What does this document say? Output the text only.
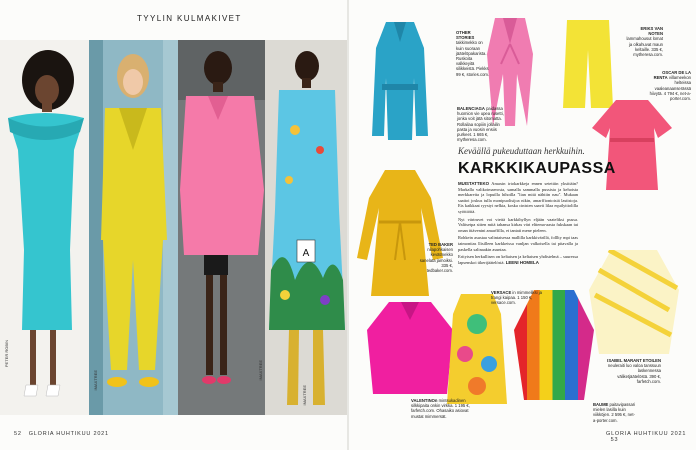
TYYLIN KULMAKIVET
PETER ROBIN
IMAXTREE	IMAXTREE
A
IMAXTREE
52 GLORIA HUHTIKUU 2021
OTHER STORIES takkimekko on kuin suoraan jäätelöpakarista. Ruskoita valkkeyitä silikkeistä. Piekks 99 €, stories.com.
ERIKS VAN NOTEN lammahousut lomat ja olkahuvat maun keltaille. 335 €, mytheresa.com.
OSCAR DE LA RENTA villameekon helteissa vaaleanaanserässä hiivytä. 4 794 €, net-a-porter.com.
BALENCIAGA paidassa huomion vie upea rusetti, jonka voit jätä sitomatta. Rollailaa sopiiin jollailin pasta ja vuosin ensiis purkeet. 1 665 €, mytheresa.com.
TED BAKER nilapohkaisen kevätmekko sanelata jamoiksi. 335 €, tedbaker.com.
VALENTINOn mintsukadinen silkkipaita onkin virkka. 1 195 €, farfetch.com. Ohasaiko asiovat mustat mimmersät.
VERSACE in mimmeliksi ja trangi kaipaa. 1 150 €, versace.com.
BAUME paitavipassari mielen lasilla kuin viikköjen. 2 595 €, net-a-porter.com.
ISABEL MARANT ETOILEN neuleraiti luo valoa tanssuun laskennessa väliketjäätelöstä. 390 €, farfetch.com.
GLORIA HUHTIKUU 2021   53
Keväällä pukeuduttaan herkkuihin.
KARKKIKAUPASSA

MUISTATTEKO Amaxin irtokarkkeja ennen setettiin yksittäin? Markalla valikoimaerosta, samalla sammalla pussista ja kehoista merkkareita ja lopuilla hihoilla "lian mitä nähtiin nau". Mukaan saattoi joskus tulla monipuolisijoa nikin, amarffiontoisiä lastistoja. Ets kaikkaat ryystyi nelkia, koska cinisten saavii lilaa equilyittolilla syöttiöitä.

Nyt väriruvet voi viettä karkkihyllyn eljään vaateliksi pussa. Valitsetpa sitten mitä tahansa kirkas väri elttema-aasta fukskaan tai oman ittävenini amarffilla, et tantati mene pieleen.

Rohkein asustaa valintaisessa mallilla karkkivärillä, folllty mpi taas taimontias llisilleen karkkeissa vanljan valkoisella tai pitavalla ja paskella salinaakin asuntaa.

Erityisen herkullisen on keltaisen ja keltaisen yhdistelmä – suuressa lapsenskoi tikertjäätelöstä. LEENI HOMELA
